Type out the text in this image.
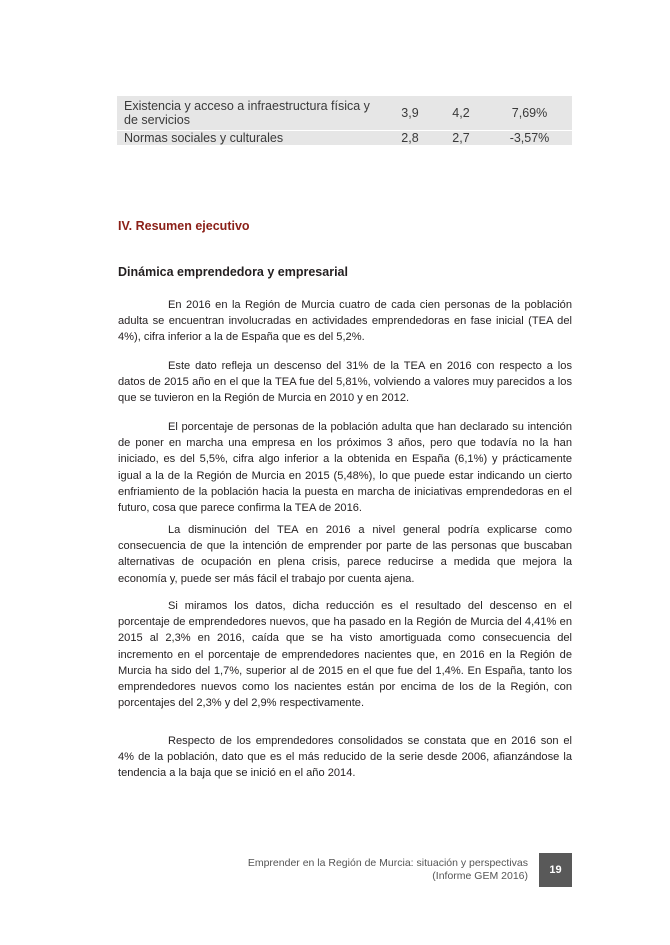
Existencia y acceso a infraestructura física y de servicios	3,9	4,2	7,69%
Normas sociales y culturales	2,8	2,7	-3,57%
IV. Resumen ejecutivo
Dinámica emprendedora y empresarial

En 2016 en la Región de Murcia cuatro de cada cien personas de la población adulta se encuentran involucradas en actividades emprendedoras en fase inicial (TEA del 4%), cifra inferior a la de España que es del 5,2%.

Este dato refleja un descenso del 31% de la TEA en 2016 con respecto a los datos de 2015 año en el que la TEA fue del 5,81%, volviendo a valores muy parecidos a los que se tuvieron en la Región de Murcia en 2010 y en 2012.

El porcentaje de personas de la población adulta que han declarado su intención de poner en marcha una empresa en los próximos 3 años, pero que todavía no la han iniciado, es del 5,5%, cifra algo inferior a la obtenida en España (6,1%) y prácticamente igual a la de la Región de Murcia en 2015 (5,48%), lo que puede estar indicando un cierto enfriamiento de la población hacia la puesta en marcha de iniciativas emprendedoras en el futuro, cosa que parece confirma la TEA de 2016.

La disminución del TEA en 2016 a nivel general podría explicarse como consecuencia de que la intención de emprender por parte de las personas que buscaban alternativas de ocupación en plena crisis, parece reducirse a medida que mejora la economía y, puede ser más fácil el trabajo por cuenta ajena.

Si miramos los datos, dicha reducción es el resultado del descenso en el porcentaje de emprendedores nuevos, que ha pasado en la Región de Murcia del 4,41% en 2015 al 2,3% en 2016, caída que se ha visto amortiguada como consecuencia del incremento en el porcentaje de emprendedores nacientes que, en 2016 en la Región de Murcia ha sido del 1,7%, superior al de 2015 en el que fue del 1,4%. En España, tanto los emprendedores nuevos como los nacientes están por encima de los de la Región, con porcentajes del 2,3% y del 2,9% respectivamente.

Respecto de los emprendedores consolidados se constata que en 2016 son el 4% de la población, dato que es el más reducido de la serie desde 2006, afianzándose la tendencia a la baja que se inició en el año 2014.

Emprender en la Región de Murcia: situación y perspectivas
(Informe GEM 2016)	19
